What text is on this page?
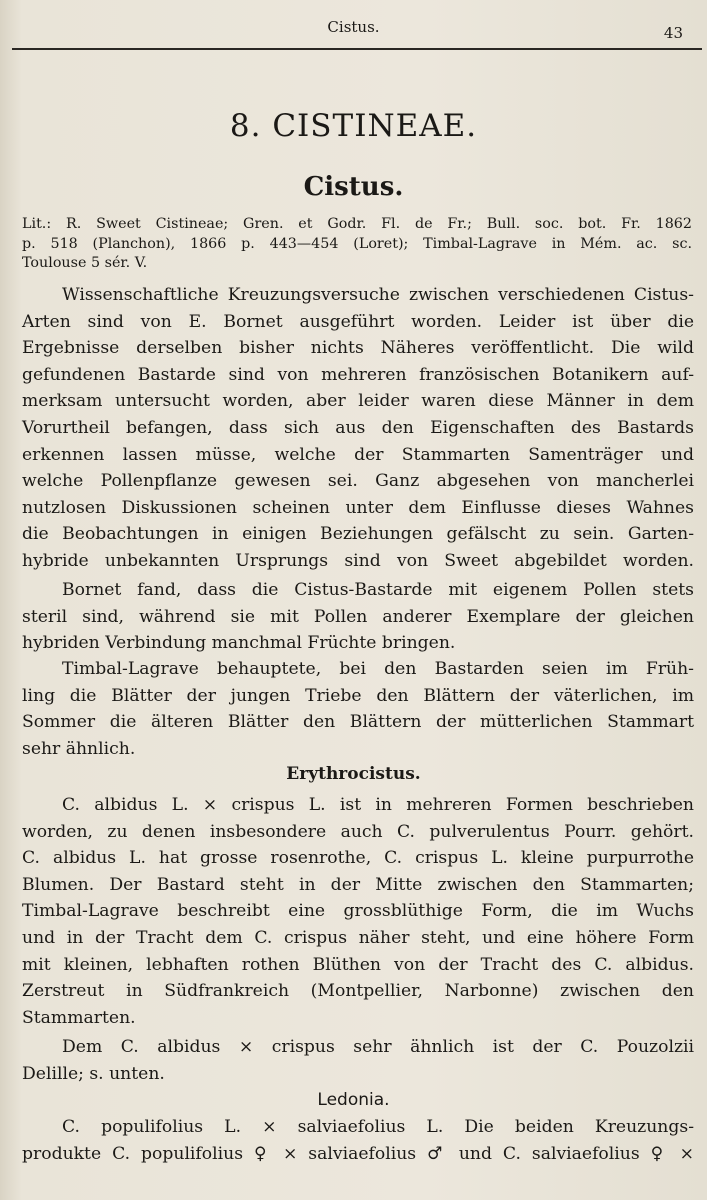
Cistus.	43
8. CISTINEAE.
Cistus.
Lit.: R. Sweet Cistineae; Gren. et Godr. Fl. de Fr.; Bull. soc. bot. Fr. 1862
p. 518 (Planchon), 1866 p. 443—454 (Loret); Timbal-Lagrave in Mém. ac. sc.
Toulouse 5 sér. V.
Wissenschaftliche Kreuzungsversuche zwischen verschiedenen Cistus-
Arten sind von E. Bornet ausgeführt worden. Leider ist über die
Ergebnisse derselben bisher nichts Näheres veröffentlicht. Die wild
gefundenen Bastarde sind von mehreren französischen Botanikern auf-
merksam untersucht worden, aber leider waren diese Männer in dem
Vorurtheil befangen, dass sich aus den Eigenschaften des Bastards
erkennen lassen müsse, welche der Stammarten Samenträger und
welche Pollenpflanze gewesen sei. Ganz abgesehen von mancherlei
nutzlosen Diskussionen scheinen unter dem Einflusse dieses Wahnes
die Beobachtungen in einigen Beziehungen gefälscht zu sein. Garten-
hybride unbekannten Ursprungs sind von Sweet abgebildet worden.
Bornet fand, dass die Cistus-Bastarde mit eigenem Pollen stets
steril sind, während sie mit Pollen anderer Exemplare der gleichen
hybriden Verbindung manchmal Früchte bringen.
Timbal-Lagrave behauptete, bei den Bastarden seien im Früh-
ling die Blätter der jungen Triebe den Blättern der väterlichen, im
Sommer die älteren Blätter den Blättern der mütterlichen Stammart
sehr ähnlich.
Erythrocistus.
C. albidus L. × crispus L. ist in mehreren Formen beschrieben
worden, zu denen insbesondere auch C. pulverulentus Pourr. gehört.
C. albidus L. hat grosse rosenrothe, C. crispus L. kleine purpurrothe
Blumen. Der Bastard steht in der Mitte zwischen den Stammarten;
Timbal-Lagrave beschreibt eine grossblüthige Form, die im Wuchs
und in der Tracht dem C. crispus näher steht, und eine höhere Form
mit kleinen, lebhaften rothen Blüthen von der Tracht des C. albidus.
Zerstreut in Südfrankreich (Montpellier, Narbonne) zwischen den
Stammarten.
Dem C. albidus × crispus sehr ähnlich ist der C. Pouzolzii
Delille; s. unten.
Ledonia.
C. populifolius L. × salviaefolius L. Die beiden Kreuzungs-
produkte C. populifolius ♀ × salviaefolius ♂ und C. salviaefolius ♀ ×
